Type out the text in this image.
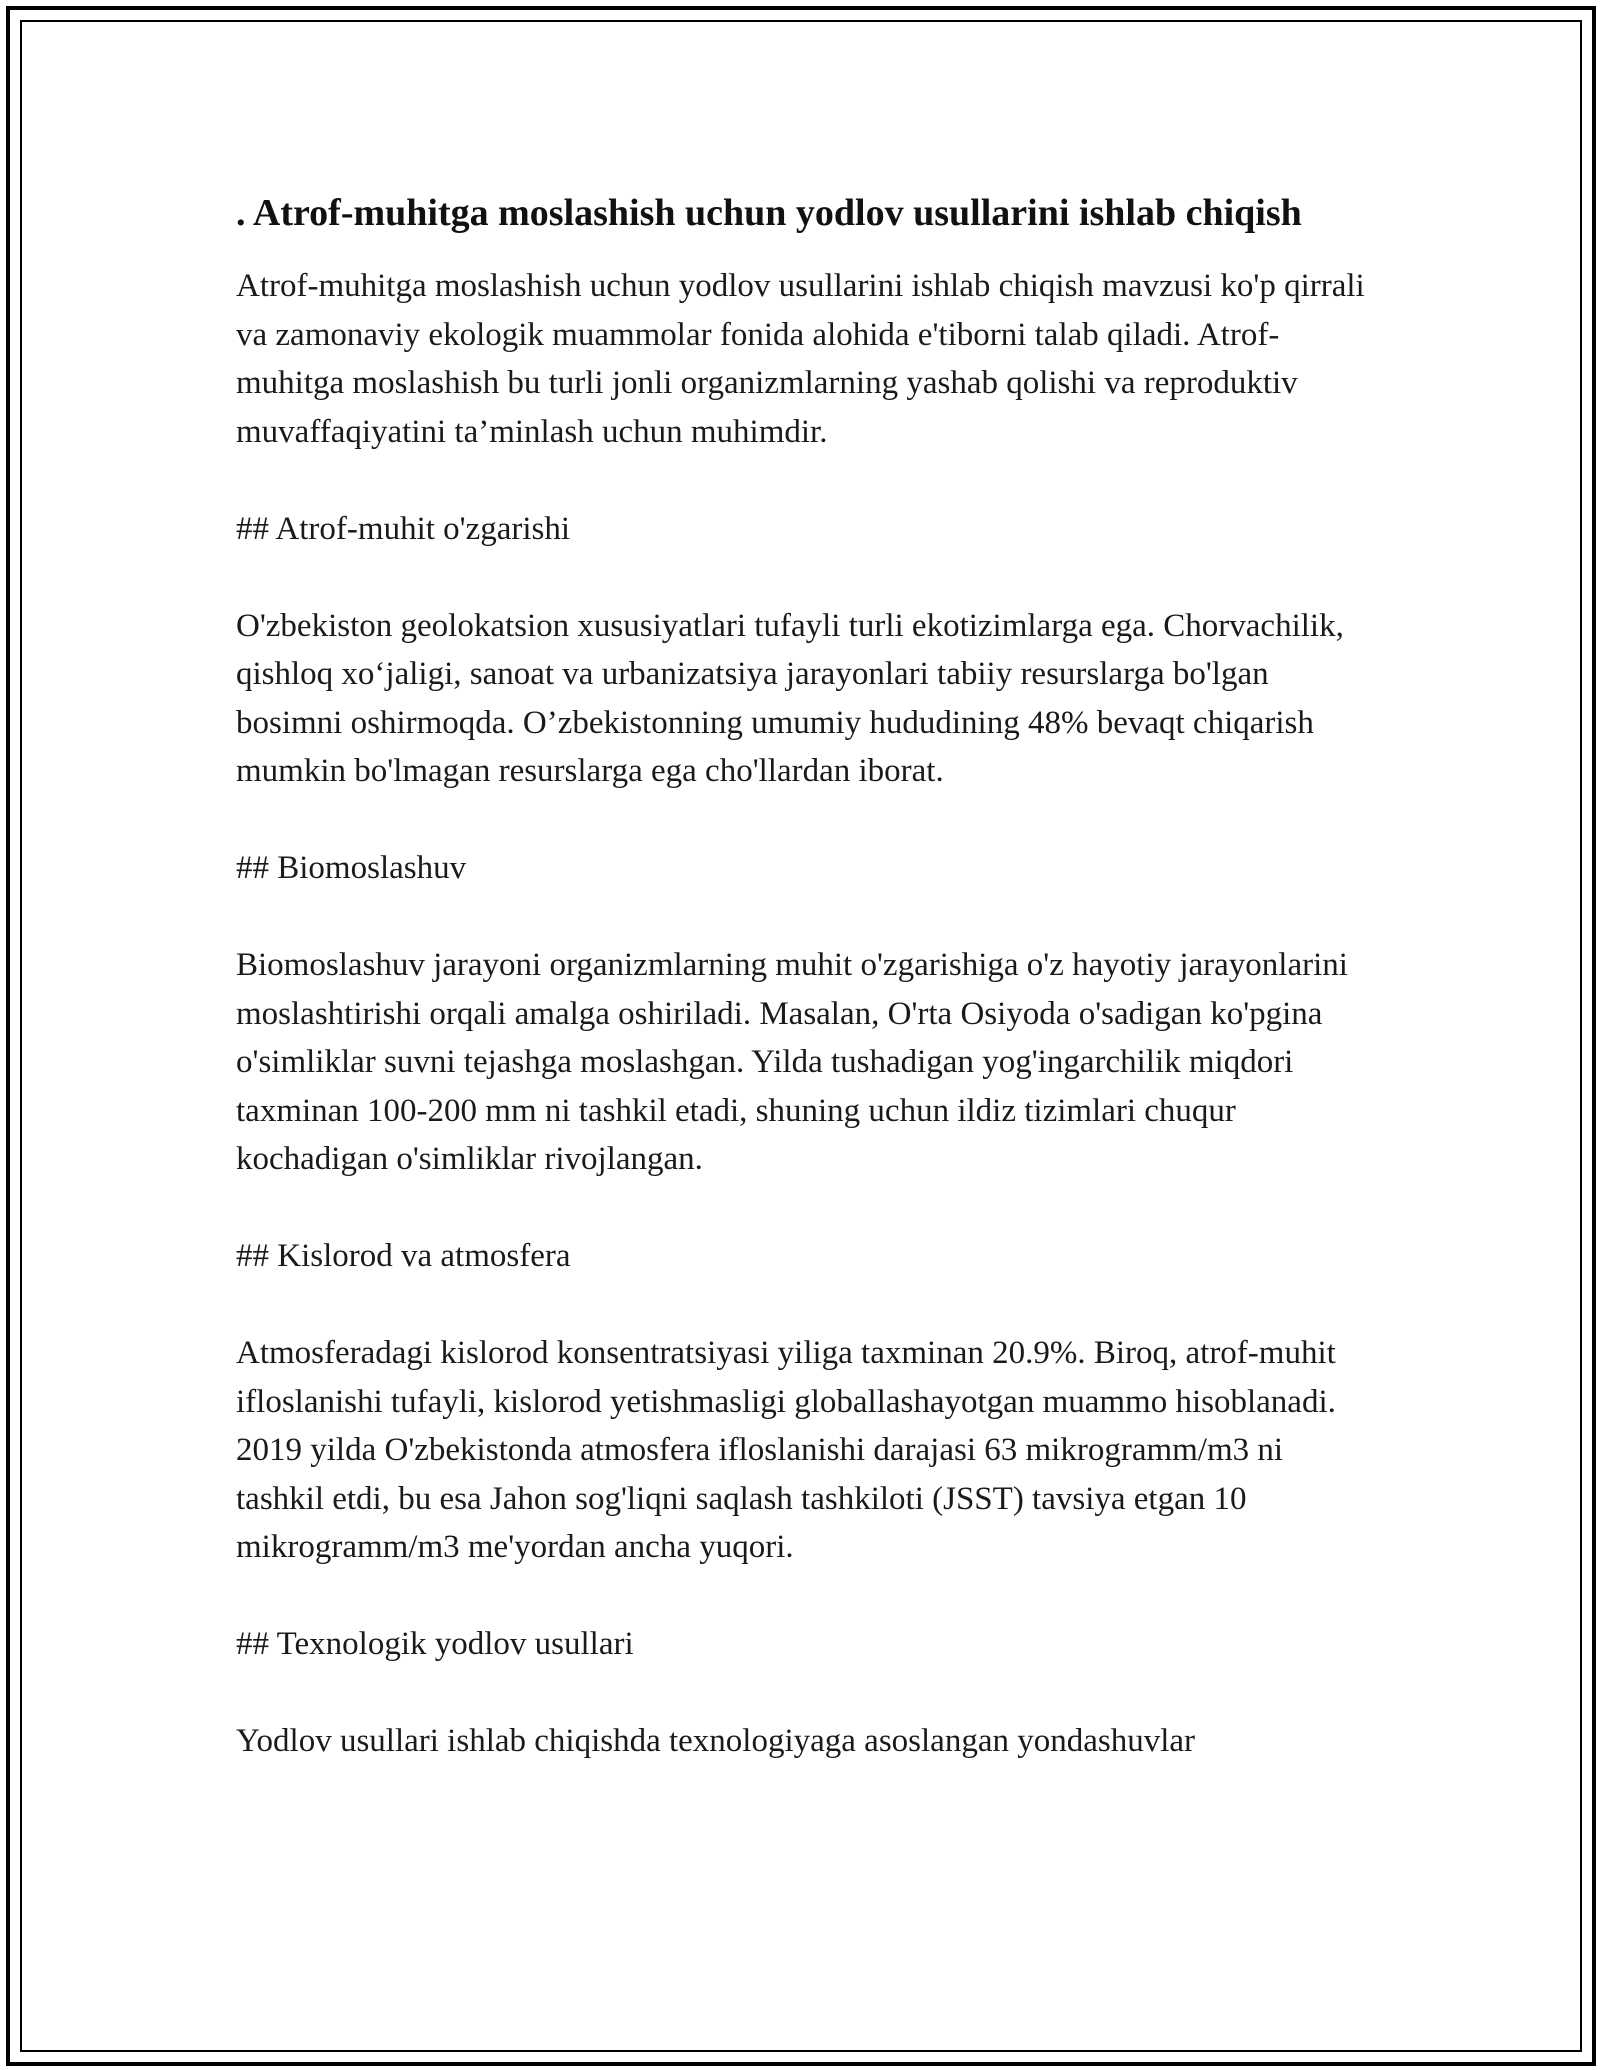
. Atrof-muhitga moslashish uchun yodlov usullarini ishlab chiqish

Atrof-muhitga moslashish uchun yodlov usullarini ishlab chiqish mavzusi ko'p qirrali va zamonaviy ekologik muammolar fonida alohida e'tiborni talab qiladi. Atrof-muhitga moslashish bu turli jonli organizmlarning yashab qolishi va reproduktiv muvaffaqiyatini ta’minlash uchun muhimdir.

## Atrof-muhit o'zgarishi

O'zbekiston geolokatsion xususiyatlari tufayli turli ekotizimlarga ega. Chorvachilik, qishloq xo‘jaligi, sanoat va urbanizatsiya jarayonlari tabiiy resurslarga bo'lgan bosimni oshirmoqda. O’zbekistonning umumiy hududining 48% bevaqt chiqarish mumkin bo'lmagan resurslarga ega cho'llardan iborat.

## Biomoslashuv

Biomoslashuv jarayoni organizmlarning muhit o'zgarishiga o'z hayotiy jarayonlarini moslashtirishi orqali amalga oshiriladi. Masalan, O'rta Osiyoda o'sadigan ko'pgina o'simliklar suvni tejashga moslashgan. Yilda tushadigan yog'ingarchilik miqdori taxminan 100-200 mm ni tashkil etadi, shuning uchun ildiz tizimlari chuqur kochadigan o'simliklar rivojlangan.

## Kislorod va atmosfera

Atmosferadagi kislorod konsentratsiyasi yiliga taxminan 20.9%. Biroq, atrof-muhit ifloslanishi tufayli, kislorod yetishmasligi globallashayotgan muammo hisoblanadi. 2019 yilda O'zbekistonda atmosfera ifloslanishi darajasi 63 mikrogramm/m3 ni tashkil etdi, bu esa Jahon sog'liqni saqlash tashkiloti (JSST) tavsiya etgan 10 mikrogramm/m3 me'yordan ancha yuqori.

## Texnologik yodlov usullari

Yodlov usullari ishlab chiqishda texnologiyaga asoslangan yondashuvlar
